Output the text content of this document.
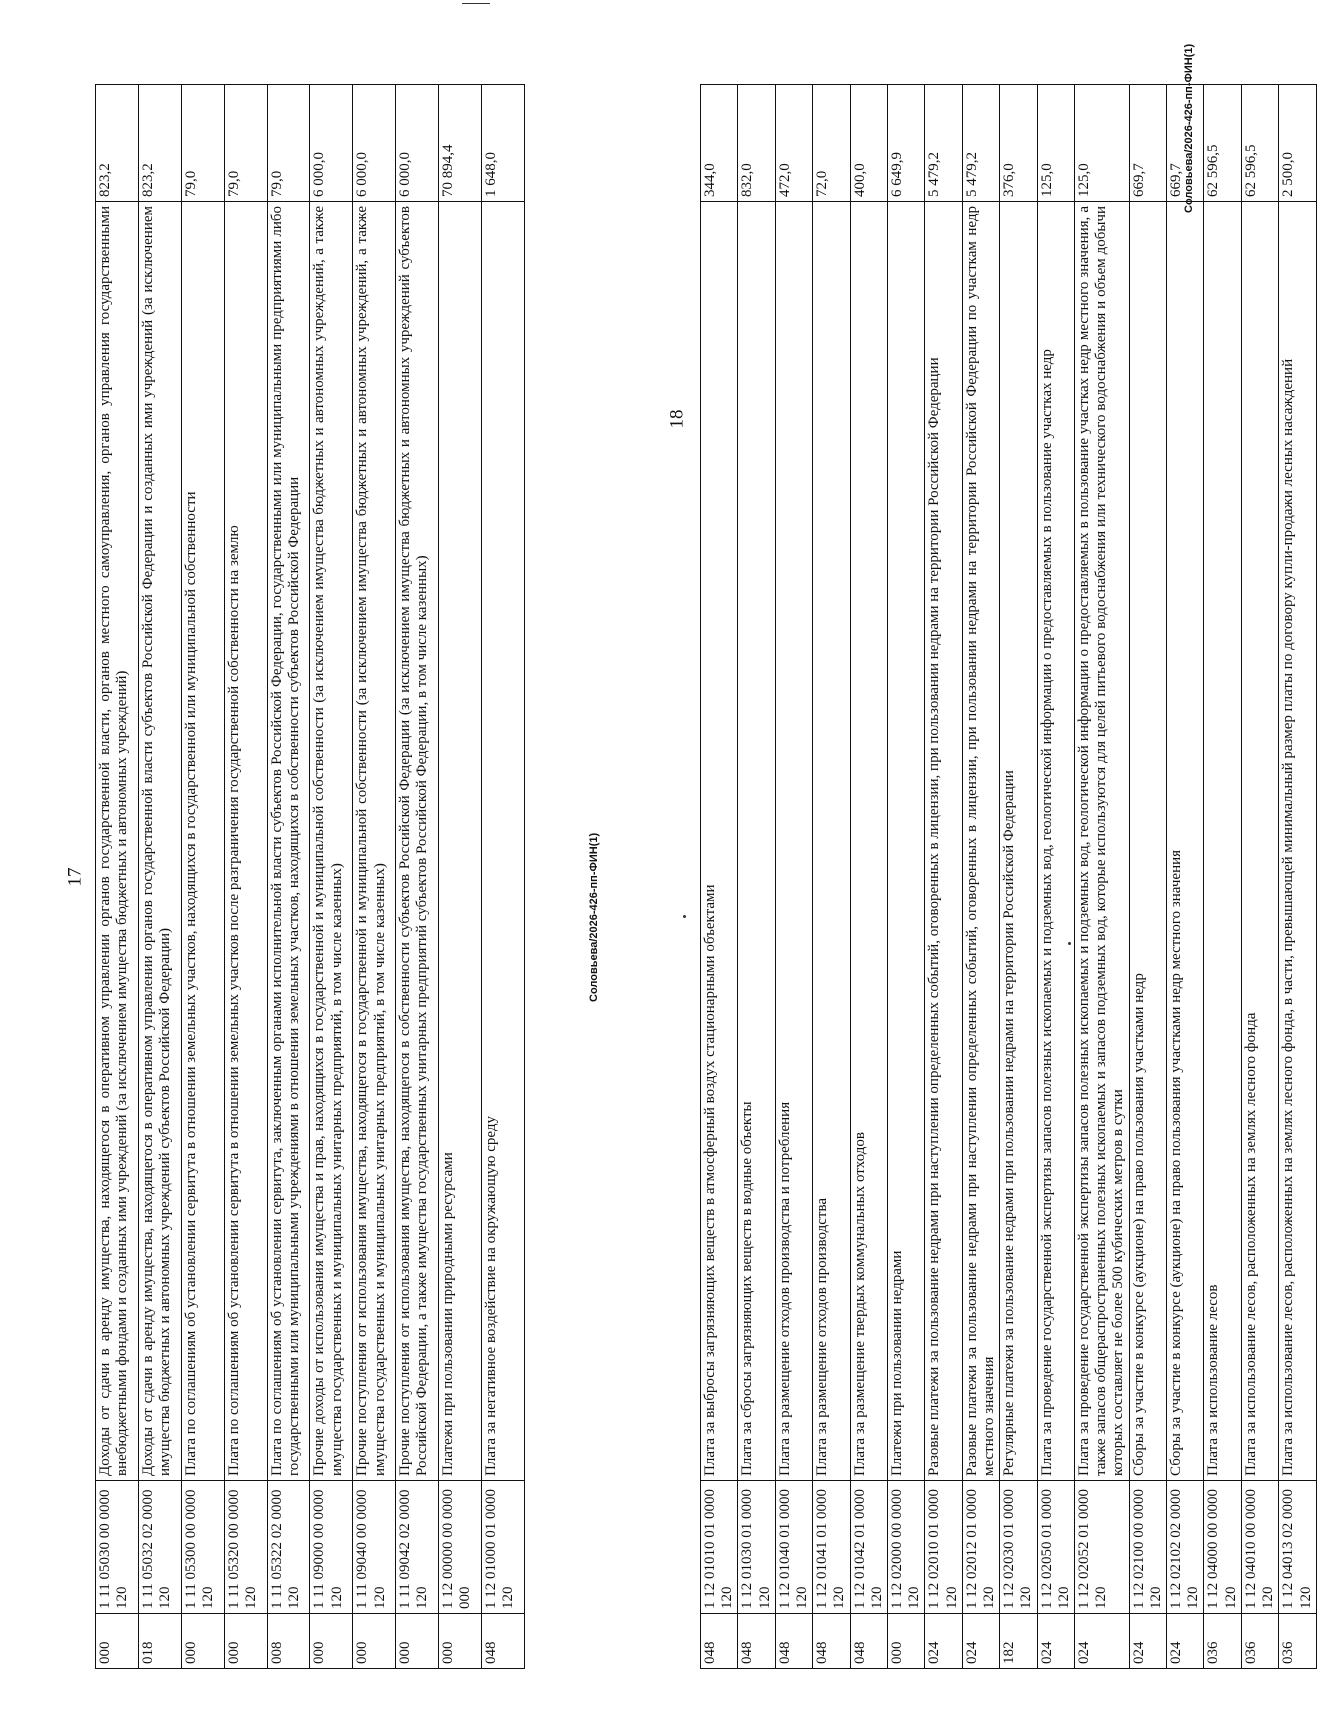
17
000	1 11 05030 00 0000 120	Доходы от сдачи в аренду имущества, находящегося в оперативном управлении органов государственной власти, органов местного самоуправления, органов управления государственными внебюджетными фондами и созданных ими учреждений (за исключением имущества бюджетных и автономных учреждений)	823,2
018	1 11 05032 02 0000 120	Доходы от сдачи в аренду имущества, находящегося в оперативном управлении органов государственной власти субъектов Российской Федерации и созданных ими учреждений (за исключением имущества бюджетных и автономных учреждений субъектов Российской Федерации)	823,2
000	1 11 05300 00 0000 120	Плата по соглашениям об установлении сервитута в отношении земельных участков, находящихся в государственной или муниципальной собственности	79,0
000	1 11 05320 00 0000 120	Плата по соглашениям об установлении сервитута в отношении земельных участков после разграничения государственной собственности на землю	79,0
008	1 11 05322 02 0000 120	Плата по соглашениям об установлении сервитута, заключенным органами исполнительной власти субъектов Российской Федерации, государственными или муниципальными предприятиями либо государственными или муниципальными учреждениями в отношении земельных участков, находящихся в собственности субъектов Российской Федерации	79,0
000	1 11 09000 00 0000 120	Прочие доходы от использования имущества и прав, находящихся в государственной и муниципальной собственности (за исключением имущества бюджетных и автономных учреждений, а также имущества государственных и муниципальных унитарных предприятий, в том числе казенных)	6 000,0
000	1 11 09040 00 0000 120	Прочие поступления от использования имущества, находящегося в государственной и муниципальной собственности (за исключением имущества бюджетных и автономных учреждений, а также имущества государственных и муниципальных унитарных предприятий, в том числе казенных)	6 000,0
000	1 11 09042 02 0000 120	Прочие поступления от использования имущества, находящегося в собственности субъектов Российской Федерации (за исключением имущества бюджетных и автономных учреждений субъектов Российской Федерации, а также имущества государственных унитарных предприятий субъектов Российской Федерации, в том числе казенных)	6 000,0
000	1 12 00000 00 0000 000	Платежи при пользовании природными ресурсами	70 894,4
048	1 12 01000 01 0000 120	Плата за негативное воздействие на окружающую среду	1 648,0
Соловьева/2026-426-пп-ФИН(1)
18
048	1 12 01010 01 0000 120	Плата за выбросы загрязняющих веществ в атмосферный воздух стационарными объектами	344,0
048	1 12 01030 01 0000 120	Плата за сбросы загрязняющих веществ в водные объекты	832,0
048	1 12 01040 01 0000 120	Плата за размещение отходов производства и потребления	472,0
048	1 12 01041 01 0000 120	Плата за размещение отходов производства	72,0
048	1 12 01042 01 0000 120	Плата за размещение твердых коммунальных отходов	400,0
000	1 12 02000 00 0000 120	Платежи при пользовании недрами	6 649,9
024	1 12 02010 01 0000 120	Разовые платежи за пользование недрами при наступлении определенных событий, оговоренных в лицензии, при пользовании недрами на территории Российской Федерации	5 479,2
024	1 12 02012 01 0000 120	Разовые платежи за пользование недрами при наступлении определенных событий, оговоренных в лицензии, при пользовании недрами на территории Российской Федерации по участкам недр местного значения	5 479,2
182	1 12 02030 01 0000 120	Регулярные платежи за пользование недрами при пользовании недрами на территории Российской Федерации	376,0
024	1 12 02050 01 0000 120	Плата за проведение государственной экспертизы запасов полезных ископаемых и подземных вод, геологической информации о предоставляемых в пользование участках недр	125,0
024	1 12 02052 01 0000 120	Плата за проведение государственной экспертизы запасов полезных ископаемых и подземных вод, геологической информации о предоставляемых в пользование участках недр местного значения, а также запасов общераспространенных полезных ископаемых и запасов подземных вод, которые используются для целей питьевого водоснабжения или технического водоснабжения и объем добычи которых составляет не более 500 кубических метров в сутки	125,0
024	1 12 02100 00 0000 120	Сборы за участие в конкурсе (аукционе) на право пользования участками недр	669,7
024	1 12 02102 02 0000 120	Сборы за участие в конкурсе (аукционе) на право пользования участками недр местного значения	669,7
036	1 12 04000 00 0000 120	Плата за использование лесов	62 596,5
036	1 12 04010 00 0000 120	Плата за использование лесов, расположенных на землях лесного фонда	62 596,5
036	1 12 04013 02 0000 120	Плата за использование лесов, расположенных на землях лесного фонда, в части, превышающей минимальный размер платы по договору купли-продажи лесных насаждений	2 500,0
Соловьева/2026-426-пп-ФИН(1)
